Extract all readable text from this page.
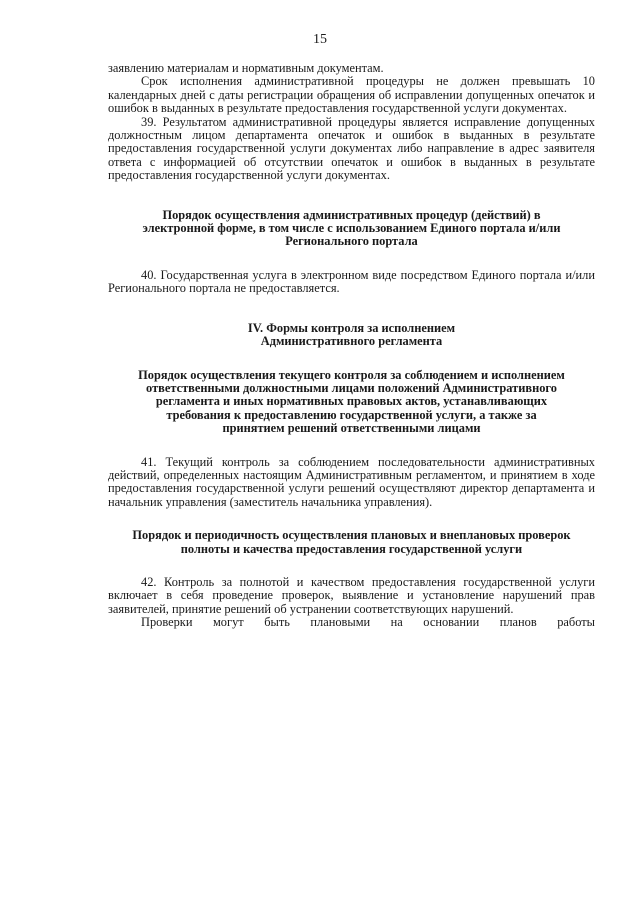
15

заявлению материалам и нормативным документам.

Срок исполнения административной процедуры не должен превышать 10 календарных дней с даты регистрации обращения об исправлении допущенных опечаток и ошибок в выданных в результате предоставления государственной услуги документах.

39. Результатом административной процедуры является исправление допущенных должностным лицом департамента опечаток и ошибок в выданных в результате предоставления государственной услуги документах либо направление в адрес заявителя ответа с информацией об отсутствии опечаток и ошибок в выданных в результате предоставления государственной услуги документах.

Порядок осуществления административных процедур (действий) в электронной форме, в том числе с использованием Единого портала и/или Регионального портала

40. Государственная услуга в электронном виде посредством Единого портала и/или Регионального портала не предоставляется.

IV. Формы контроля за исполнением Административного регламента
Порядок осуществления текущего контроля за соблюдением и исполнением ответственными должностными лицами положений Административного регламента и иных нормативных правовых актов, устанавливающих требования к предоставлению государственной услуги, а также за принятием решений ответственными лицами

41. Текущий контроль за соблюдением последовательности административных действий, определенных настоящим Административным регламентом, и принятием в ходе предоставления государственной услуги решений осуществляют директор департамента и начальник управления (заместитель начальника управления).

Порядок и периодичность осуществления плановых и внеплановых проверок полноты и качества предоставления государственной услуги

42. Контроль за полнотой и качеством предоставления государственной услуги включает в себя проведение проверок, выявление и установление нарушений прав заявителей, принятие решений об устранении соответствующих нарушений.

Проверки могут быть плановыми на основании планов работы
